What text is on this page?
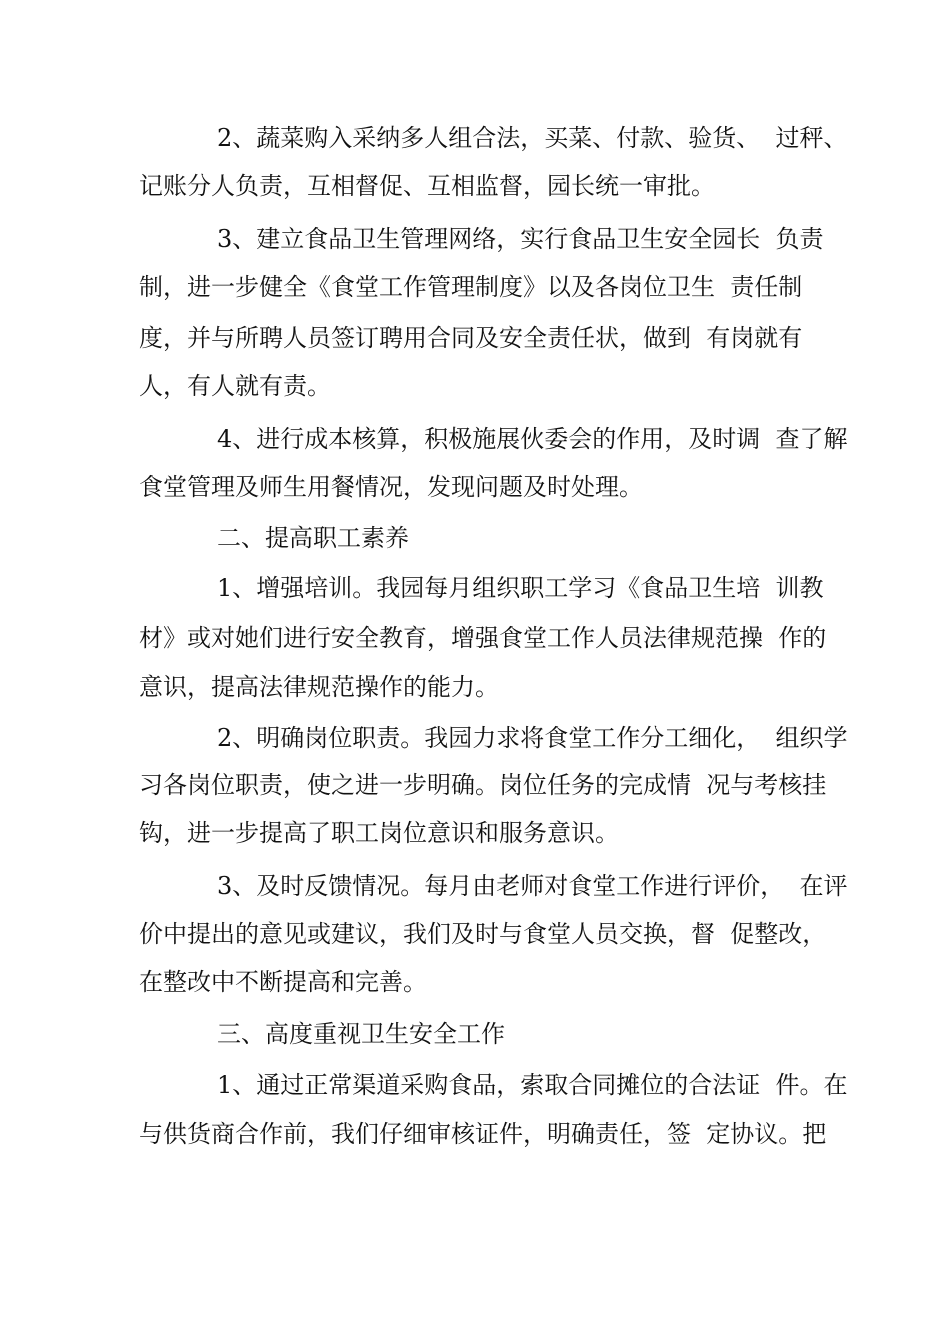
2、蔬菜购入采纳多人组合法，买菜、付款、验货、  过秤、
记账分人负责，互相督促、互相监督，园长统一审批。
3、建立食品卫生管理网络，实行食品卫生安全园长  负责
制，进一步健全《食堂工作管理制度》以及各岗位卫生  责任制
度，并与所聘人员签订聘用合同及安全责任状，做到  有岗就有
人，有人就有责。
4、进行成本核算，积极施展伙委会的作用，及时调  查了解
食堂管理及师生用餐情况，发现问题及时处理。
二、提高职工素养
1、增强培训。我园每月组织职工学习《食品卫生培  训教
材》或对她们进行安全教育，增强食堂工作人员法律规范操  作的
意识，提高法律规范操作的能力。
2、明确岗位职责。我园力求将食堂工作分工细化，  组织学
习各岗位职责，使之进一步明确。岗位任务的完成情  况与考核挂
钩，进一步提高了职工岗位意识和服务意识。
3、及时反馈情况。每月由老师对食堂工作进行评价，  在评
价中提出的意见或建议，我们及时与食堂人员交换，督  促整改，
在整改中不断提高和完善。
三、高度重视卫生安全工作
1、通过正常渠道采购食品，索取合同摊位的合法证  件。在
与供货商合作前，我们仔细审核证件，明确责任，签  定协议。把
